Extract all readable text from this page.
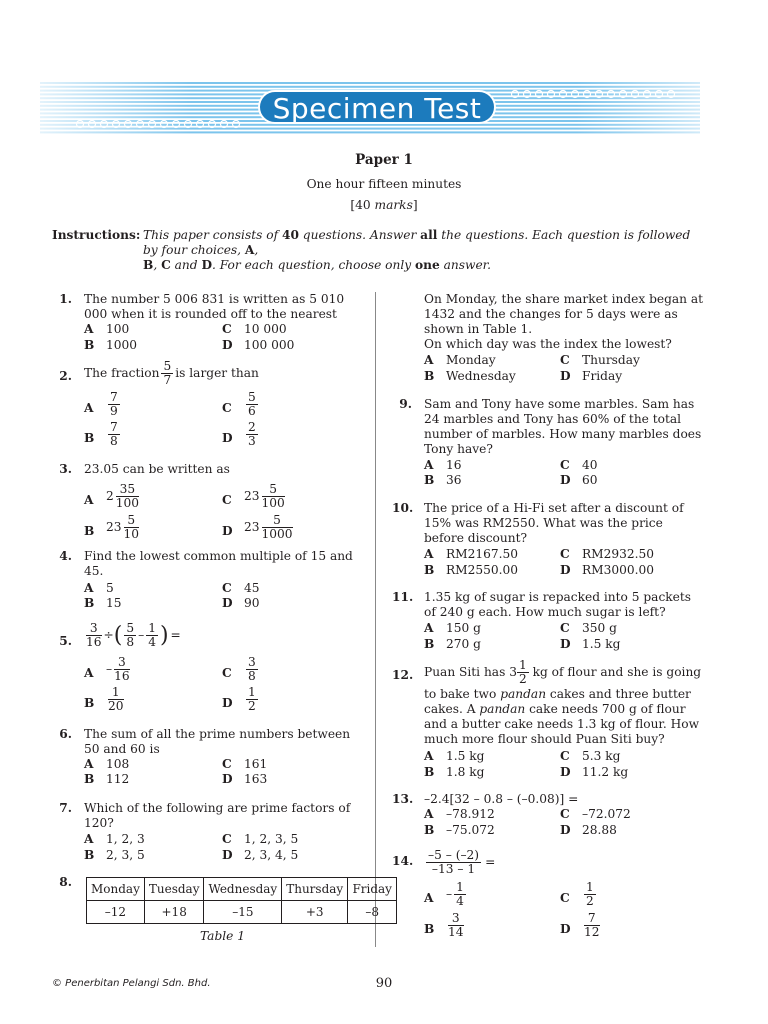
Specimen Test
Paper 1
One hour fifteen minutes
[40 marks]
Instructions: This paper consists of 40 questions. Answer all the questions. Each question is followed by four choices, A,
B, C and D. For each question, choose only one answer.
1. The number 5 006 831 is written as 5 010 000 when it is rounded off to the nearest
A 100
B 1000
C 10 000
D 100 000
2. The fraction $\frac{5}{7}$ is larger than
A $\frac{7}{9}$
B $\frac{7}{8}$
C $\frac{5}{6}$
D $\frac{2}{3}$
3. 23.05 can be written as
A $2 \frac{35}{100}$
B $23 \frac{5}{10}$
C $23 \frac{5}{100}$
D $23 \frac{5}{1000}$
4. Find the lowest common multiple of 15 and 45.
A 5
B 15
C 45
D 90
5. $\frac{3}{16}$ ÷( $\frac{5}{8} - \frac{1}{4}$ ) =
A – $\frac{3}{16}$
B $\frac{1}{20}$
C $\frac{3}{8}$
D $\frac{1}{2}$
6. The sum of all the prime numbers between 50 and 60 is
A 108
B 112
C 161
D 163
7. Which of the following are prime factors of 120?
A 1, 2, 3
B 2, 3, 5
C 1, 2, 3, 5
D 2, 3, 4, 5
8. Monday	Tuesday	Wednesday	Thursday	Friday
–12	+18	–15	+3	–8
Table 1
On Monday, the share market index began at 1432 and the changes for 5 days were as shown in Table 1.
On which day was the index the lowest?
A Monday
B Wednesday
C Thursday
D Friday
9. Sam and Tony have some marbles. Sam has 24 marbles and Tony has 60% of the total number of marbles. How many marbles does Tony have?
A 16
B 36
C 40
D 60
10. The price of a Hi-Fi set after a discount of 15% was RM2550. What was the price before discount?
A RM2167.50
B RM2550.00
C RM2932.50
D RM3000.00
11. 1.35 kg of sugar is repacked into 5 packets of 240 g each. How much sugar is left?
A 150 g
B 270 g
C 350 g
D 1.5 kg
12. Puan Siti has $3 \frac{1}{2}$ kg of flour and she is going
to bake two pandan cakes and three butter cakes. A pandan cake needs 700 g of flour and a butter cake needs 1.3 kg of flour. How much more flour should Puan Siti buy?
A 1.5 kg
B 1.8 kg
C 5.3 kg
D 11.2 kg
13. –2.4[32 – 0.8 – (–0.08)] =
A –78.912
B –75.072
C –72.072
D 28.88
14. $\frac{-5 - (-2)}{-13 - 1}$ =
A – $\frac{1}{4}$
B $\frac{3}{14}$
C $\frac{1}{2}$
D $\frac{7}{12}$
© Penerbitan Pelangi Sdn. Bhd.	90
